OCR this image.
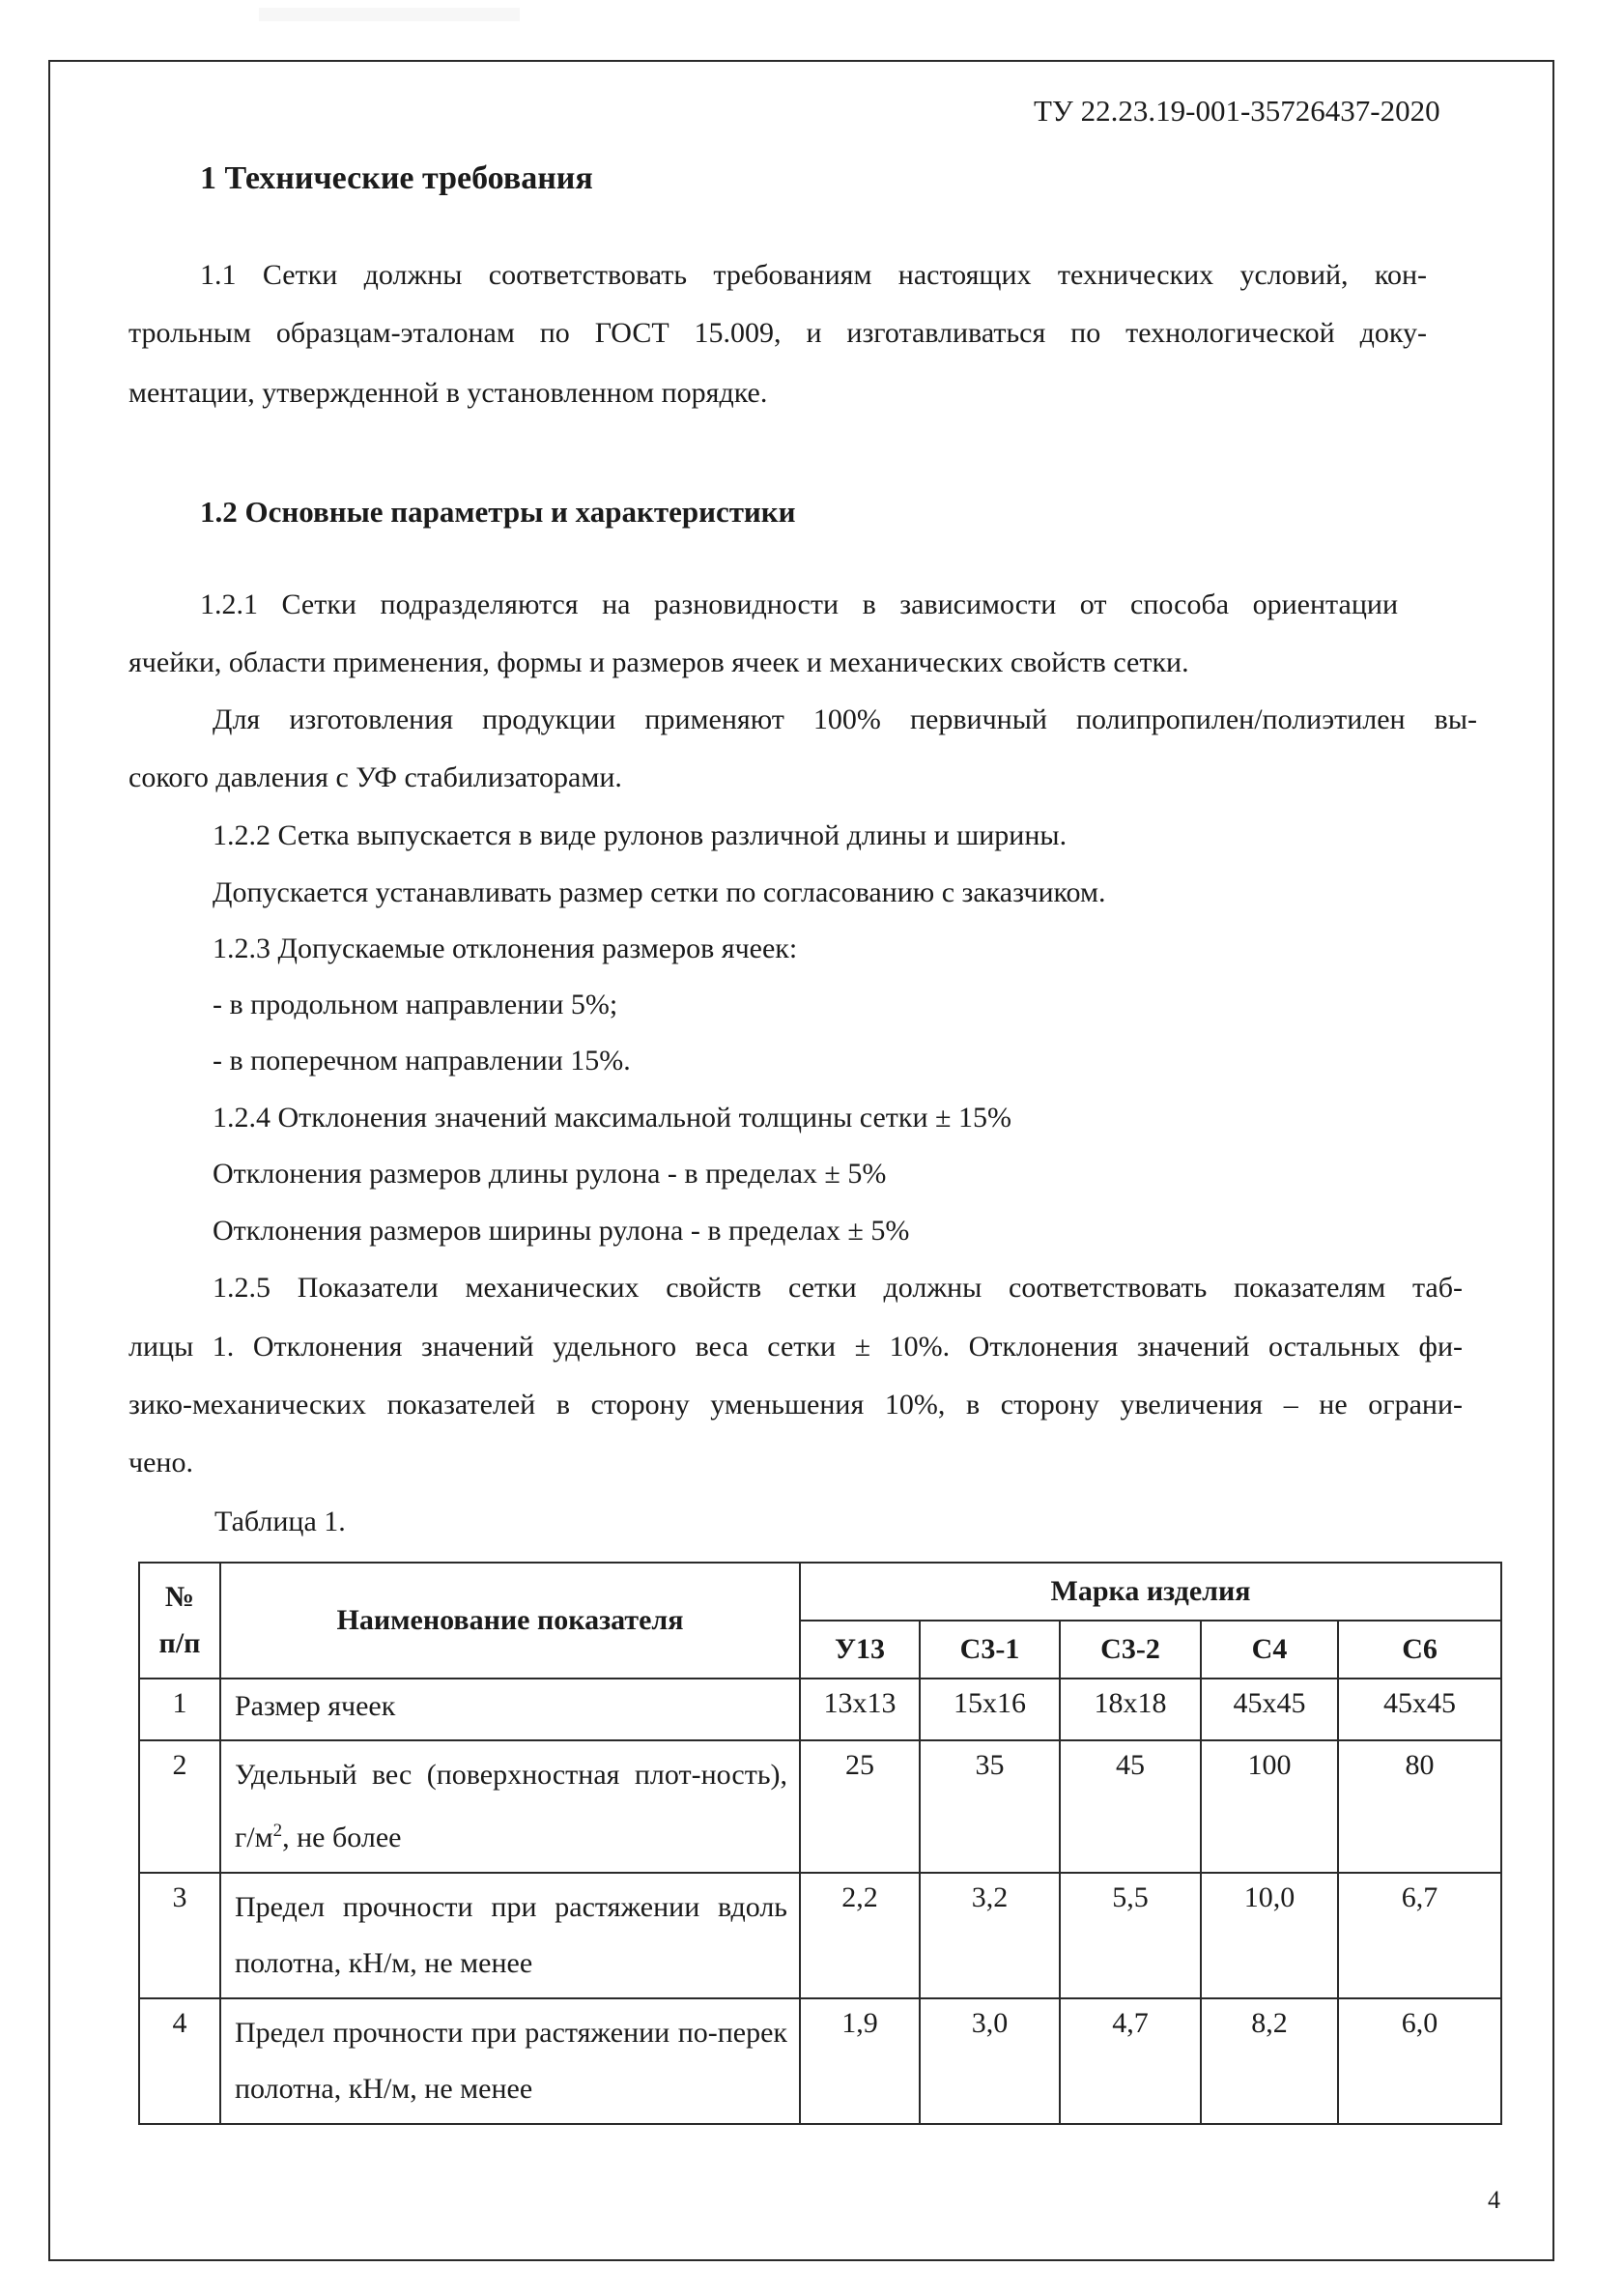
ТУ 22.23.19-001-35726437-2020
1 Технические требования
1.1 Сетки должны соответствовать требованиям настоящих технических условий, кон-
трольным образцам-эталонам по ГОСТ 15.009, и изготавливаться по технологической доку-
ментации, утвержденной в установленном порядке.
1.2 Основные параметры и характеристики
1.2.1 Сетки подразделяются на разновидности в зависимости от способа ориентации
ячейки, области применения, формы и размеров ячеек и механических свойств сетки.
Для изготовления продукции применяют 100% первичный полипропилен/полиэтилен вы-
сокого давления с УФ стабилизаторами.
1.2.2 Сетка выпускается в виде рулонов различной длины и ширины.
Допускается устанавливать размер сетки по согласованию с заказчиком.
1.2.3 Допускаемые отклонения размеров ячеек:
- в продольном направлении 5%;
- в поперечном направлении 15%.
1.2.4 Отклонения значений максимальной толщины сетки ± 15%
Отклонения размеров длины рулона - в пределах ± 5%
Отклонения размеров ширины рулона - в пределах ± 5%
1.2.5 Показатели механических свойств сетки должны соответствовать показателям таб-
лицы 1. Отклонения значений удельного веса сетки ± 10%. Отклонения значений остальных фи-
зико-механических показателей в сторону уменьшения 10%, в сторону увеличения – не ограни-
чено.
Таблица 1.
№
п/п	Наименование показателя	Марка изделия				
		У13	С3-1	С3-2	С4	С6
1	Размер ячеек	13х13	15х16	18х18	45х45	45х45
2	Удельный вес (поверхностная плот-ность), $г/м^2$, не более	25	35	45	100	80
3	Предел прочности при растяжении вдоль полотна, кН/м, не менее	2,2	3,2	5,5	10,0	6,7
4	Предел прочности при растяжении по-перек полотна, кН/м, не менее	1,9	3,0	4,7	8,2	6,0
4
